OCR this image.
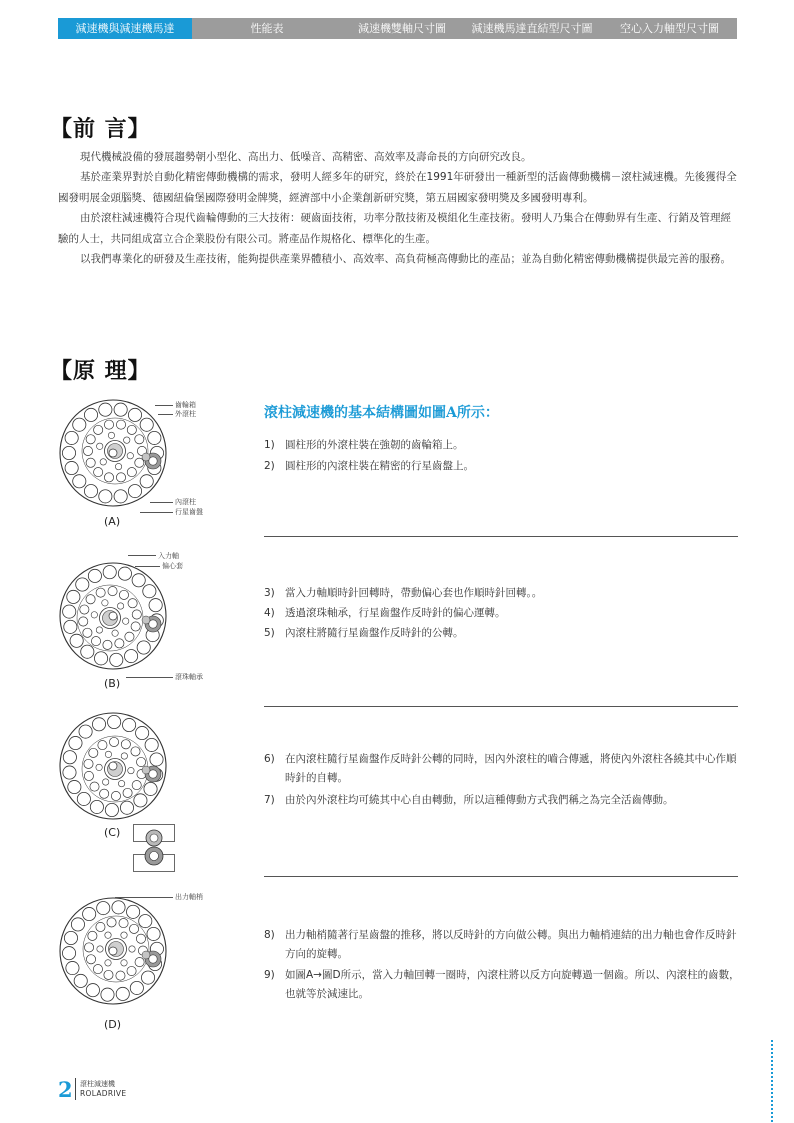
減速機與減速機馬達	性能表	減速機雙軸尺寸圖	減速機馬達直結型尺寸圖	空心入力軸型尺寸圖
【前 言】

現代機械設備的發展趨勢朝小型化、高出力、低噪音、高精密、高效率及壽命長的方向研究改良。

基於產業界對於自動化精密傳動機構的需求，發明人經多年的研究，終於在1991年研發出一種新型的活齒傳動機構－滾柱減速機。先後獲得全國發明展金頭腦獎、德國紐倫堡國際發明金牌獎，經濟部中小企業創新研究獎，第五屆國家發明獎及多國發明專利。

由於滾柱減速機符合現代齒輪傳動的三大技術：硬齒面技術，功率分散技術及模組化生產技術。發明人乃集合在傳動界有生產、行銷及管理經驗的人士，共同組成富立合企業股份有限公司。將產品作規格化、標準化的生產。

以我們專業化的研發及生產技術，能夠提供產業界體積小、高效率、高負荷極高傳動比的產品；並為自動化精密傳動機構提供最完善的服務。

【原 理】
滾柱減速機的基本結構圖如圖A所示：
齒輪箱
外滾柱
內滾柱
行星齒盤
(A)
入力軸
偏心套
滾珠軸承
(B)
(C)
出力軸梢
(D)
1) 圓柱形的外滾柱裝在強韌的齒輪箱上。
2) 圓柱形的內滾柱裝在精密的行星齒盤上。
3) 當入力軸順時針回轉時，帶動偏心套也作順時針回轉。。
4) 透過滾珠軸承，行星齒盤作反時針的偏心運轉。
5) 內滾柱將隨行星齒盤作反時針的公轉。
6) 在內滾柱隨行星齒盤作反時針公轉的同時，因內外滾柱的嚙合傳遞，將使內外滾柱各繞其中心作順時針的自轉。
7) 由於內外滾柱均可繞其中心自由轉動，所以這種傳動方式我們稱之為完全活齒傳動。
8) 出力軸梢隨著行星齒盤的推移，將以反時針的方向做公轉。與出力軸梢連結的出力軸也會作反時針方向的旋轉。
9) 如圖A→圖D所示，當入力軸回轉一圈時，內滾柱將以反方向旋轉過一個齒。所以、內滾柱的齒數，也就等於減速比。
2 滾柱減速機
ROLADRIVE
